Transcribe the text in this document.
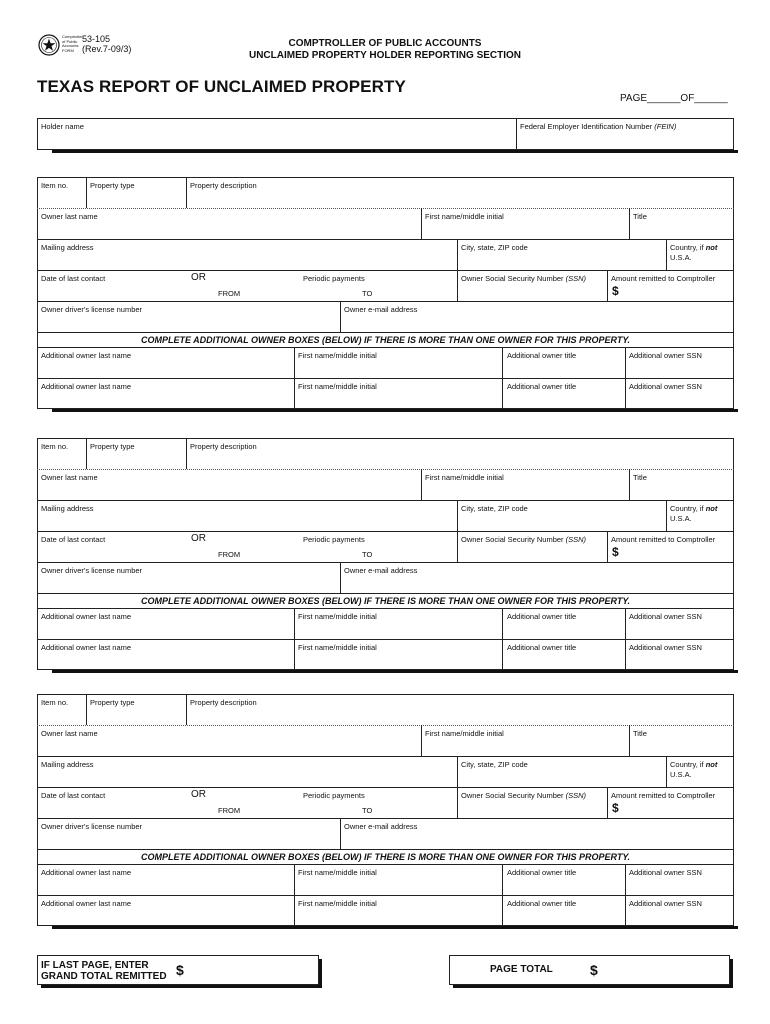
Comptroller
of Public
Accounts
FORM
53-105
(Rev.7-09/3)	COMPTROLLER OF PUBLIC ACCOUNTS
UNCLAIMED PROPERTY HOLDER REPORTING SECTION
TEXAS REPORT OF UNCLAIMED PROPERTY
PAGE______OF______
Holder name	Federal Employer Identification Number (FEIN)
Item no.	Property type	Property description
Owner last name	First name/middle initial	Title
Mailing address	City, state, ZIP code	Country, if not
U.S.A.
Date of last contact	OR	Periodic payments
FROM	TO
Owner Social Security Number (SSN)	Amount remitted to Comptroller
$
Owner driver's license number	Owner e-mail address
COMPLETE ADDITIONAL OWNER BOXES (BELOW) IF THERE IS MORE THAN ONE OWNER FOR THIS PROPERTY.
Additional owner last name	First name/middle initial	Additional owner title	Additional owner SSN
Additional owner last name	First name/middle initial	Additional owner title	Additional owner SSN
Item no.	Property type	Property description
Owner last name	First name/middle initial	Title
Mailing address	City, state, ZIP code	Country, if not
U.S.A.
Date of last contact	OR	Periodic payments
FROM	TO
Owner Social Security Number (SSN)	Amount remitted to Comptroller
$
Owner driver's license number	Owner e-mail address
COMPLETE ADDITIONAL OWNER BOXES (BELOW) IF THERE IS MORE THAN ONE OWNER FOR THIS PROPERTY.
Additional owner last name	First name/middle initial	Additional owner title	Additional owner SSN
Additional owner last name	First name/middle initial	Additional owner title	Additional owner SSN
Item no.	Property type	Property description
Owner last name	First name/middle initial	Title
Mailing address	City, state, ZIP code	Country, if not
U.S.A.
Date of last contact	OR	Periodic payments
FROM	TO
Owner Social Security Number (SSN)	Amount remitted to Comptroller
$
Owner driver's license number	Owner e-mail address
COMPLETE ADDITIONAL OWNER BOXES (BELOW) IF THERE IS MORE THAN ONE OWNER FOR THIS PROPERTY.
Additional owner last name	First name/middle initial	Additional owner title	Additional owner SSN
Additional owner last name	First name/middle initial	Additional owner title	Additional owner SSN
IF LAST PAGE, ENTER
GRAND TOTAL REMITTED $	PAGE TOTAL	$
